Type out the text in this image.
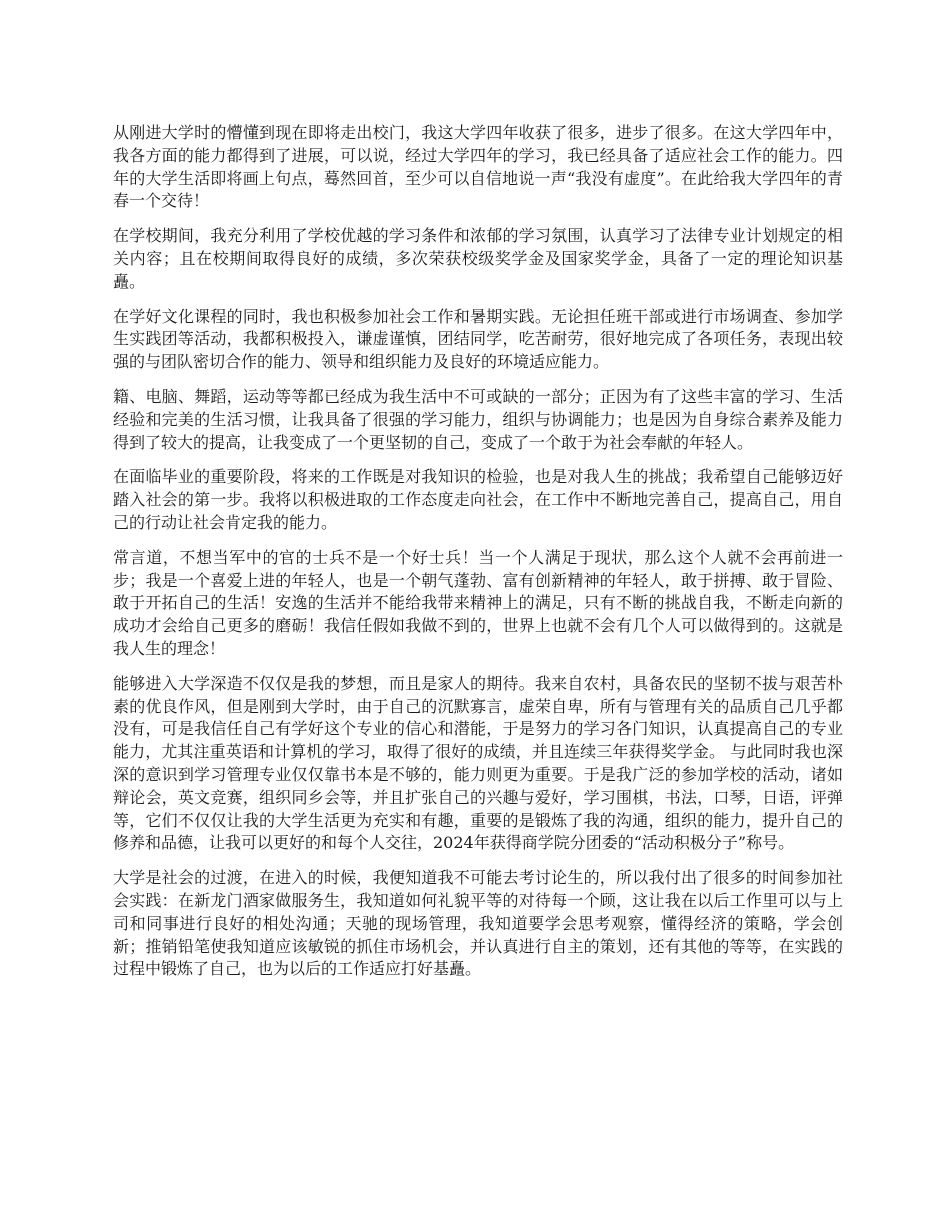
从刚进大学时的懵懂到现在即将走出校门，我这大学四年收获了很多，进步了很多。在这大学四年中，我各方面的能力都得到了进展，可以说，经过大学四年的学习，我已经具备了适应社会工作的能力。四年的大学生活即将画上句点，蓦然回首，至少可以自信地说一声“我没有虚度”。在此给我大学四年的青春一个交待！

在学校期间，我充分利用了学校优越的学习条件和浓郁的学习氛围，认真学习了法律专业计划规定的相关内容；且在校期间取得良好的成绩，多次荣获校级奖学金及国家奖学金，具备了一定的理论知识基矗。

在学好文化课程的同时，我也积极参加社会工作和暑期实践。无论担任班干部或进行市场调查、参加学生实践团等活动，我都积极投入，谦虚谨慎，团结同学，吃苦耐劳，很好地完成了各项任务，表现出较强的与团队密切合作的能力、领导和组织能力及良好的环境适应能力。

籍、电脑、舞蹈，运动等等都已经成为我生活中不可或缺的一部分；正因为有了这些丰富的学习、生活经验和完美的生活习惯，让我具备了很强的学习能力，组织与协调能力；也是因为自身综合素养及能力得到了较大的提高，让我变成了一个更坚韧的自己，变成了一个敢于为社会奉献的年轻人。

在面临毕业的重要阶段，将来的工作既是对我知识的检验，也是对我人生的挑战；我希望自己能够迈好踏入社会的第一步。我将以积极进取的工作态度走向社会，在工作中不断地完善自己，提高自己，用自己的行动让社会肯定我的能力。

常言道，不想当军中的官的士兵不是一个好士兵！当一个人满足于现状，那么这个人就不会再前进一步；我是一个喜爱上进的年轻人，也是一个朝气蓬勃、富有创新精神的年轻人，敢于拼搏、敢于冒险、敢于开拓自己的生活！安逸的生活并不能给我带来精神上的满足，只有不断的挑战自我，不断走向新的成功才会给自己更多的磨砺！我信任假如我做不到的，世界上也就不会有几个人可以做得到的。这就是我人生的理念！

能够进入大学深造不仅仅是我的梦想，而且是家人的期待。我来自农村，具备农民的坚韧不拔与艰苦朴素的优良作风，但是刚到大学时，由于自己的沉默寡言，虚荣自卑，所有与管理有关的品质自己几乎都没有，可是我信任自己有学好这个专业的信心和潜能，于是努力的学习各门知识，认真提高自己的专业能力，尤其注重英语和计算机的学习，取得了很好的成绩，并且连续三年获得奖学金。 与此同时我也深深的意识到学习管理专业仅仅靠书本是不够的，能力则更为重要。于是我广泛的参加学校的活动，诸如辩论会，英文竞赛，组织同乡会等，并且扩张自己的兴趣与爱好，学习围棋，书法，口琴，日语，评弹等，它们不仅仅让我的大学生活更为充实和有趣，重要的是锻炼了我的沟通，组织的能力，提升自己的修养和品德，让我可以更好的和每个人交往，2024年获得商学院分团委的“活动积极分子”称号。

大学是社会的过渡，在进入的时候，我便知道我不可能去考讨论生的，所以我付出了很多的时间参加社会实践：在新龙门酒家做服务生，我知道如何礼貌平等的对待每一个顾，这让我在以后工作里可以与上司和同事进行良好的相处沟通；天驰的现场管理，我知道要学会思考观察，懂得经济的策略，学会创新；推销铅笔使我知道应该敏锐的抓住市场机会，并认真进行自主的策划，还有其他的等等，在实践的过程中锻炼了自己，也为以后的工作适应打好基矗。
